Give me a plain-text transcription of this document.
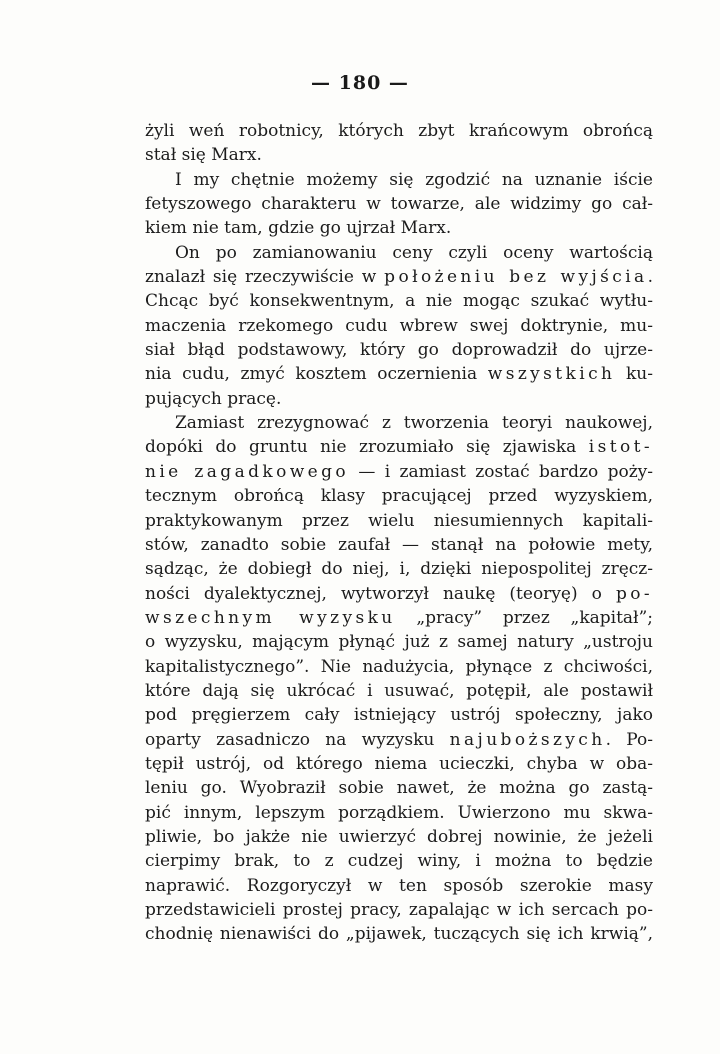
— 180 —
żyli weń robotnicy, których zbyt krańcowym obrońcą
stał się Marx.
I my chętnie możemy się zgodzić na uznanie iście
fetyszowego charakteru w towarze, ale widzimy go cał-
kiem nie tam, gdzie go ujrzał Marx.
On po zamianowaniu ceny czyli oceny wartością
znalazł się rzeczywiście w położeniu bez wyjścia.
Chcąc być konsekwentnym, a nie mogąc szukać wytłu-
maczenia rzekomego cudu wbrew swej doktrynie, mu-
siał błąd podstawowy, który go doprowadził do ujrze-
nia cudu, zmyć kosztem oczernienia wszystkich ku-
pujących pracę.
Zamiast zrezygnować z tworzenia teoryi naukowej,
dopóki do gruntu nie zrozumiało się zjawiska istot-
nie zagadkowego — i zamiast zostać bardzo poży-
tecznym obrońcą klasy pracującej przed wyzyskiem,
praktykowanym przez wielu niesumiennych kapitali-
stów, zanadto sobie zaufał — stanął na połowie mety,
sądząc, że dobiegł do niej, i, dzięki niepospolitej zręcz-
ności dyalektycznej, wytworzył naukę (teoryę) o po-
wszechnym wyzysku „pracy” przez „kapitał”;
o wyzysku, mającym płynąć już z samej natury „ustroju
kapitalistycznego”. Nie nadużycia, płynące z chciwości,
które dają się ukrócać i usuwać, potępił, ale postawił
pod pręgierzem cały istniejący ustrój społeczny, jako
oparty zasadniczo na wyzysku najuboższych. Po-
tępił ustrój, od którego niema ucieczki, chyba w oba-
leniu go. Wyobraził sobie nawet, że można go zastą-
pić innym, lepszym porządkiem. Uwierzono mu skwa-
pliwie, bo jakże nie uwierzyć dobrej nowinie, że jeżeli
cierpimy brak, to z cudzej winy, i można to będzie
naprawić. Rozgoryczył w ten sposób szerokie masy
przedstawicieli prostej pracy, zapalając w ich sercach po-
chodnię nienawiści do „pijawek, tuczących się ich krwią”,
